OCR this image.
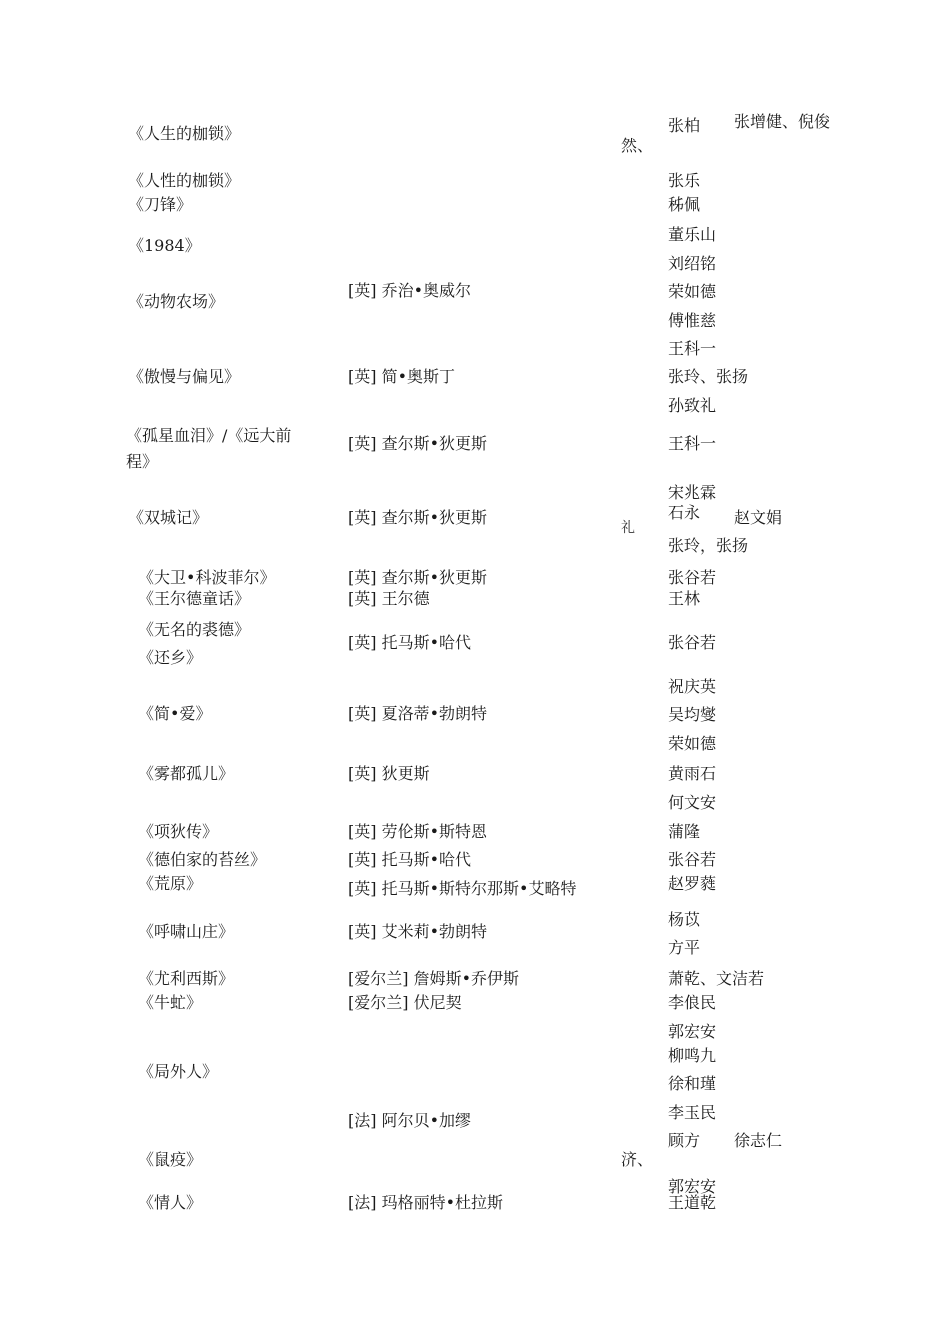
《人生的枷锁》
《人性的枷锁》
《刀锋》
《1984》
《动物农场》
《傲慢与偏见》
《孤星血泪》/《远大前程》
《双城记》
《大卫•科波菲尔》
《王尔德童话》
《无名的裘德》
《还乡》
《简•爱》
《雾都孤儿》
《项狄传》
《德伯家的苔丝》
《荒原》
《呼啸山庄》
《尤利西斯》
《牛虻》
《局外人》
《鼠疫》
《情人》
[英] 乔治•奥威尔
[英] 简•奥斯丁
[英] 查尔斯•狄更斯
[英] 查尔斯•狄更斯
[英] 查尔斯•狄更斯
[英] 王尔德
[英] 托马斯•哈代
[英] 夏洛蒂•勃朗特
[英] 狄更斯
[英] 劳伦斯•斯特恩
[英] 托马斯•哈代
[英] 托马斯•斯特尔那斯•艾略特
[英] 艾米莉•勃朗特
[爱尔兰] 詹姆斯•乔伊斯
[爱尔兰] 伏尼契
[法] 阿尔贝•加缪
[法] 玛格丽特•杜拉斯
然、
礼
济、
张柏
张乐
秭佩
董乐山
刘绍铭
荣如德
傅惟慈
王科一
张玲、张扬
孙致礼
王科一
宋兆霖
石永
张玲，张扬
张谷若
王林
张谷若
祝庆英
吴均燮
荣如德
黄雨石
何文安
蒲隆
张谷若
赵罗蕤
杨苡
方平
萧乾、文洁若
李俍民
郭宏安
柳鸣九
徐和瑾
李玉民
顾方
郭宏安
王道乾
张增健、倪俊
赵文娟
徐志仁
